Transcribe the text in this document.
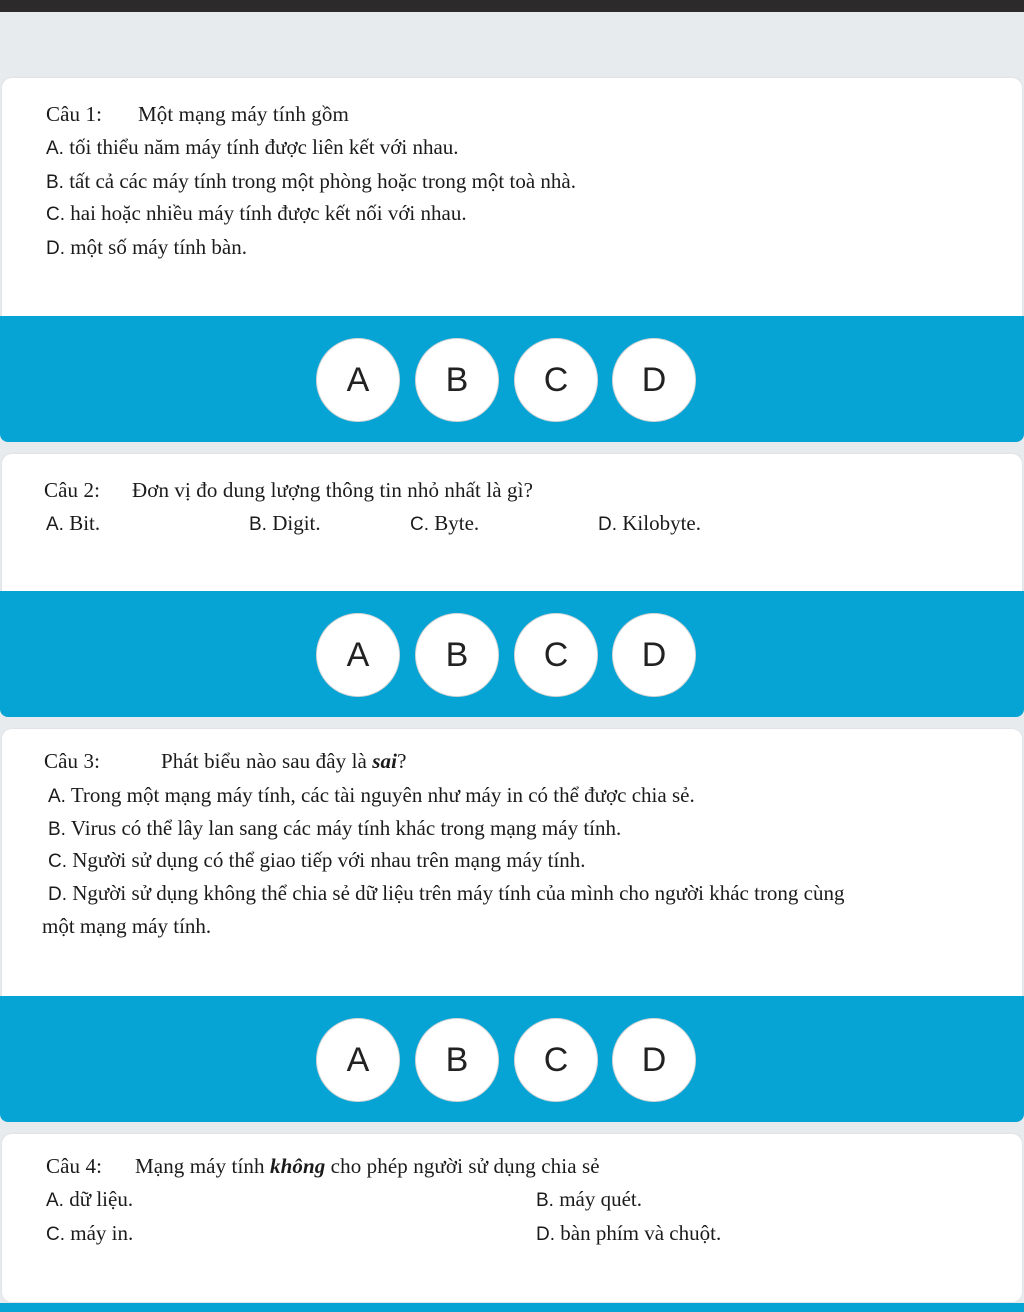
Câu 1: Một mạng máy tính gồm
A. tối thiểu năm máy tính được liên kết với nhau.
B. tất cả các máy tính trong một phòng hoặc trong một toà nhà.
C. hai hoặc nhiều máy tính được kết nối với nhau.
D. một số máy tính bàn.
A	B	C	D
Câu 2: Đơn vị đo dung lượng thông tin nhỏ nhất là gì?
A. Bit.	B. Digit.	C. Byte.	D. Kilobyte.
A	B	C	D
Câu 3:	Phát biểu nào sau đây là sai?
A. Trong một mạng máy tính, các tài nguyên như máy in có thể được chia sẻ.
B. Virus có thể lây lan sang các máy tính khác trong mạng máy tính.
C. Người sử dụng có thể giao tiếp với nhau trên mạng máy tính.
D. Người sử dụng không thể chia sẻ dữ liệu trên máy tính của mình cho người khác trong cùng
một mạng máy tính.
A	B	C	D
Câu 4: Mạng máy tính không cho phép người sử dụng chia sẻ
A. dữ liệu.	B. máy quét.
C. máy in.	D. bàn phím và chuột.
